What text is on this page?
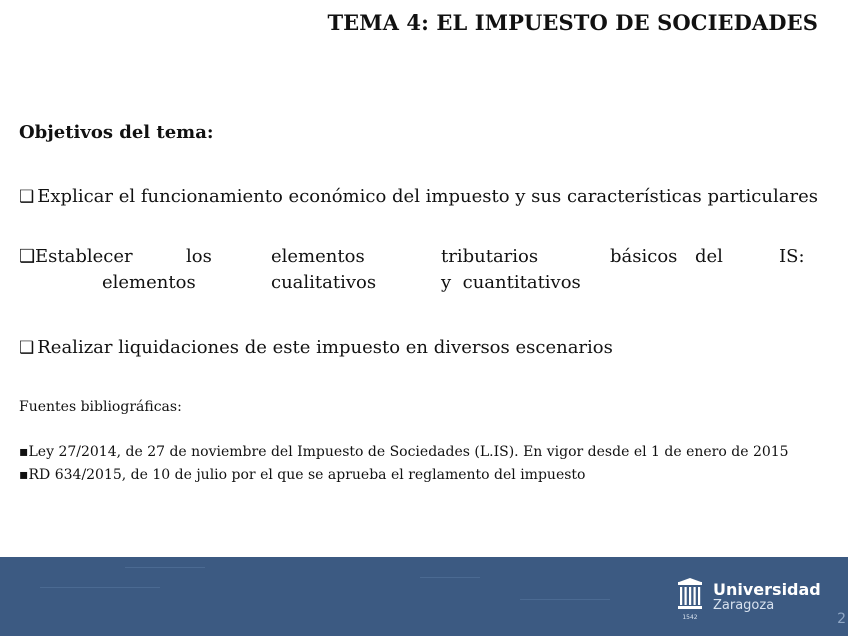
TEMA 4: EL IMPUESTO DE SOCIEDADES
Objetivos del tema:
❑ Explicar el funcionamiento económico del impuesto y sus características particulares
❑ Establecer	los	elementos	tributarios	básicos del	IS:
elementos	cualitativos	y  cuantitativos
❑ Realizar liquidaciones de este impuesto en diversos escenarios
Fuentes bibliográficas:
▪Ley 27/2014, de 27 de noviembre del Impuesto de Sociedades (L.IS). En vigor desde el 1 de enero de 2015
▪RD 634/2015, de 10 de julio por el que se aprueba el reglamento del impuesto
1542
Universidad
Zaragoza
2
